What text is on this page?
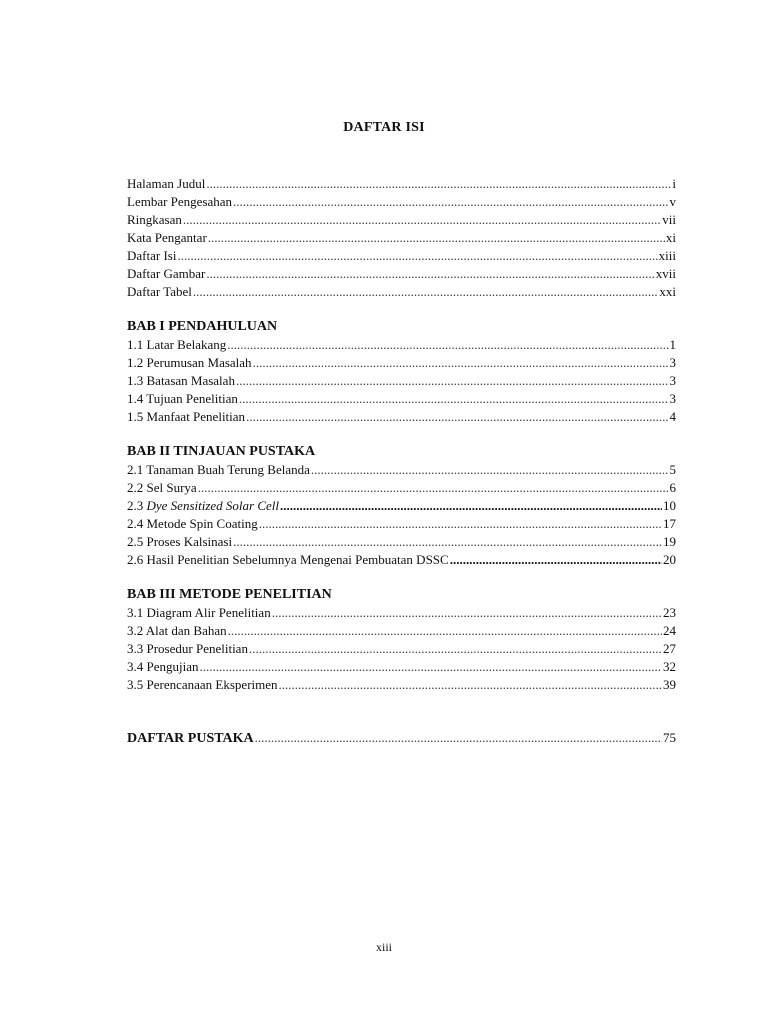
DAFTAR ISI
Halaman Judul .....	i
Lembar Pengesahan .....	v
Ringkasan .....	vii
Kata Pengantar .....	xi
Daftar Isi .....	xiii
Daftar Gambar .....	xvii
Daftar Tabel .....	xxi
BAB I PENDAHULUAN
1.1 Latar Belakang .....	1
1.2 Perumusan Masalah .....	3
1.3 Batasan Masalah .....	3
1.4 Tujuan Penelitian .....	3
1.5 Manfaat Penelitian .....	4
BAB II TINJAUAN PUSTAKA
2.1 Tanaman Buah Terung Belanda .....	5
2.2 Sel Surya .....	6
2.3 Dye Sensitized Solar Cell .....	10
2.4 Metode Spin Coating .....	17
2.5 Proses Kalsinasi .....	19
2.6 Hasil Penelitian Sebelumnya Mengenai Pembuatan DSSC .....	20
BAB III METODE PENELITIAN
3.1 Diagram Alir Penelitian .....	23
3.2 Alat dan Bahan .....	24
3.3 Prosedur Penelitian .....	27
3.4 Pengujian .....	32
3.5 Perencanaan Eksperimen .....	39
DAFTAR PUSTAKA .....	75
xiii
